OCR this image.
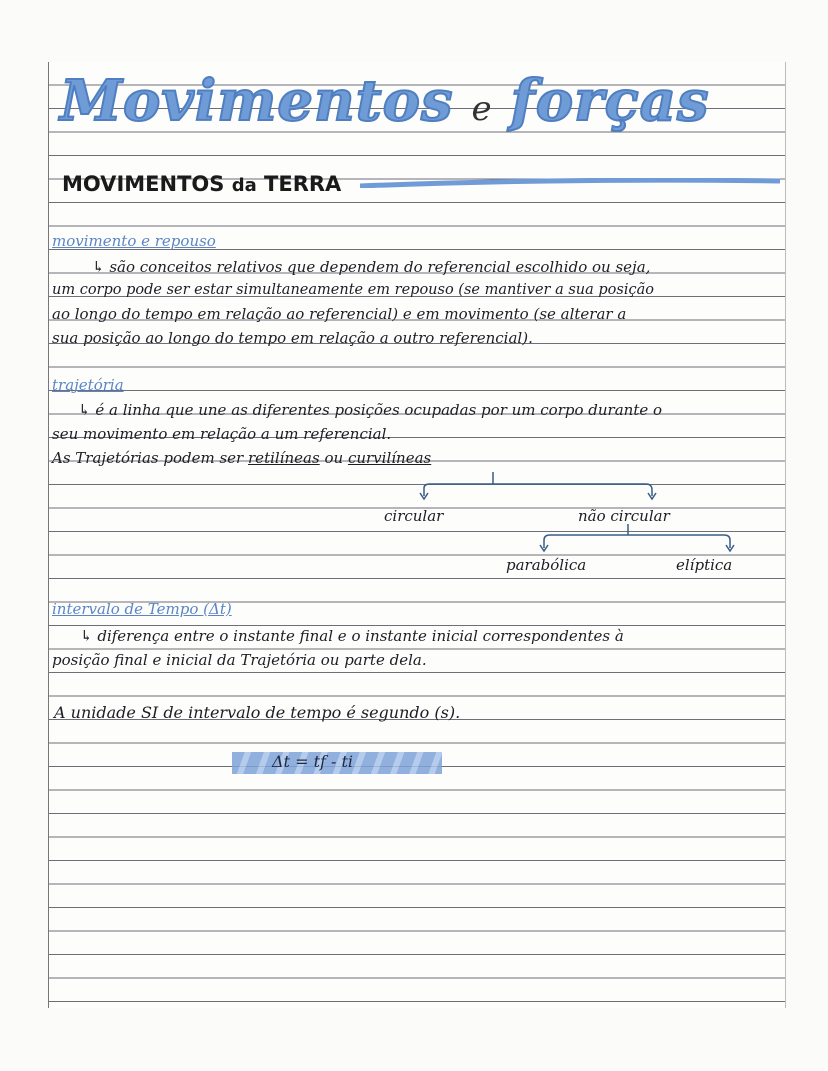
Movimentos e forças
MOVIMENTOS da TERRA
movimento e repouso
↳ são conceitos relativos que dependem do referencial escolhido ou seja,
um corpo pode ser estar simultaneamente em repouso (se mantiver a sua posição
ao longo do tempo em relação ao referencial) e em movimento (se alterar a
sua posição ao longo do tempo em relação a outro referencial).
trajetória
↳ é a linha que une as diferentes posições ocupadas por um corpo durante o
seu movimento em relação a um referencial.
As Trajetórias podem ser retilíneas ou curvilíneas
circular	não circular
parabólica	elíptica
intervalo de Tempo (Δt)
↳ diferença entre o instante final e o instante inicial correspondentes à
posição final e inicial da Trajetória ou parte dela.
A unidade SI de intervalo de tempo é segundo (s).
Δt = tf - ti
